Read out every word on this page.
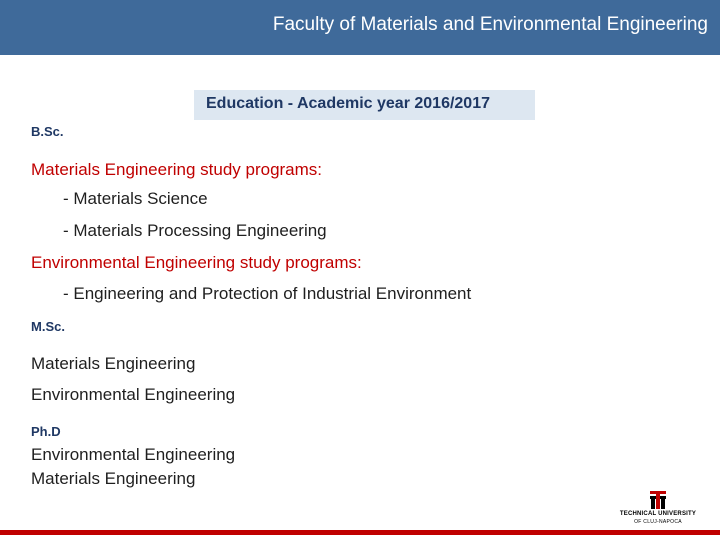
Faculty of Materials and Environmental Engineering
Education - Academic year 2016/2017
B.Sc.
Materials Engineering study programs:
- Materials Science
- Materials Processing Engineering
Environmental Engineering study programs:
- Engineering and Protection of Industrial Environment
M.Sc.
Materials Engineering
Environmental Engineering
Ph.D
Environmental Engineering
Materials Engineering
TECHNICAL UNIVERSITY
OF CLUJ-NAPOCA
